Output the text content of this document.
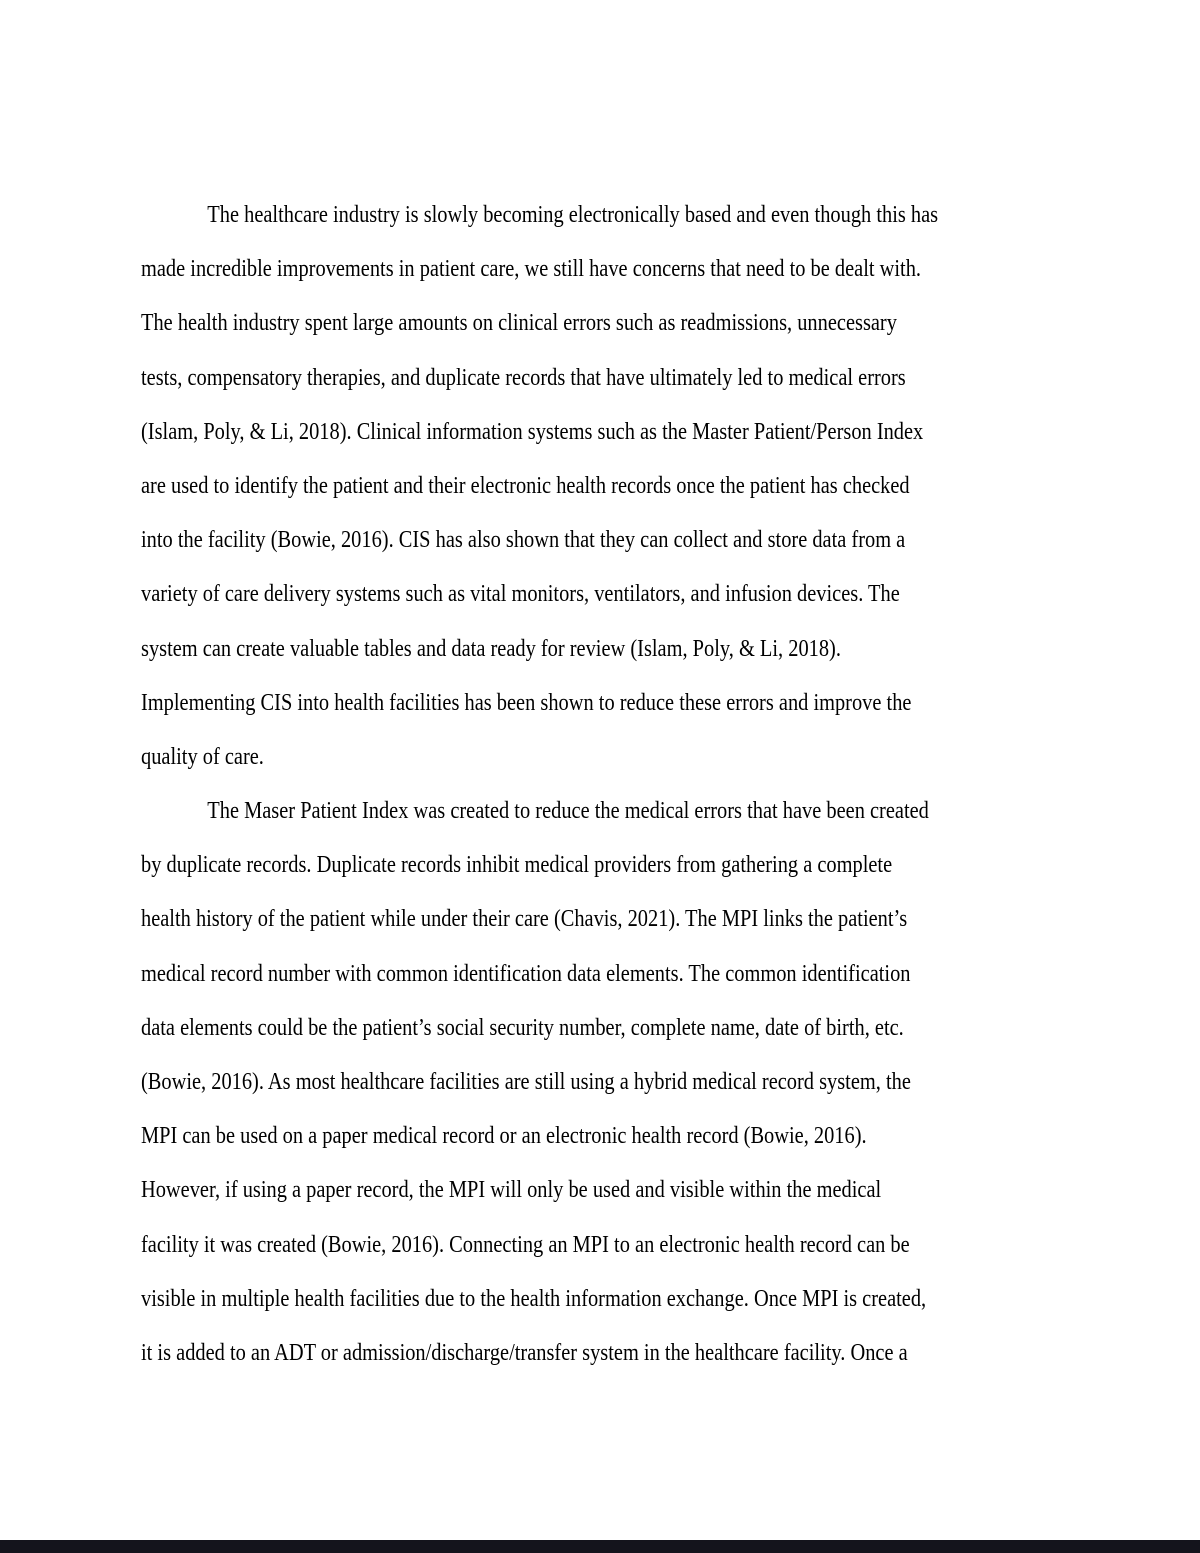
The healthcare industry is slowly becoming electronically based and even though this has
made incredible improvements in patient care, we still have concerns that need to be dealt with.
The health industry spent large amounts on clinical errors such as readmissions, unnecessary
tests, compensatory therapies, and duplicate records that have ultimately led to medical errors
(Islam, Poly, & Li, 2018). Clinical information systems such as the Master Patient/Person Index
are used to identify the patient and their electronic health records once the patient has checked
into the facility (Bowie, 2016). CIS has also shown that they can collect and store data from a
variety of care delivery systems such as vital monitors, ventilators, and infusion devices. The
system can create valuable tables and data ready for review (Islam, Poly, & Li, 2018).
Implementing CIS into health facilities has been shown to reduce these errors and improve the
quality of care.
The Maser Patient Index was created to reduce the medical errors that have been created
by duplicate records. Duplicate records inhibit medical providers from gathering a complete
health history of the patient while under their care (Chavis, 2021). The MPI links the patient’s
medical record number with common identification data elements. The common identification
data elements could be the patient’s social security number, complete name, date of birth, etc.
(Bowie, 2016). As most healthcare facilities are still using a hybrid medical record system, the
MPI can be used on a paper medical record or an electronic health record (Bowie, 2016).
However, if using a paper record, the MPI will only be used and visible within the medical
facility it was created (Bowie, 2016). Connecting an MPI to an electronic health record can be
visible in multiple health facilities due to the health information exchange. Once MPI is created,
it is added to an ADT or admission/discharge/transfer system in the healthcare facility. Once a
